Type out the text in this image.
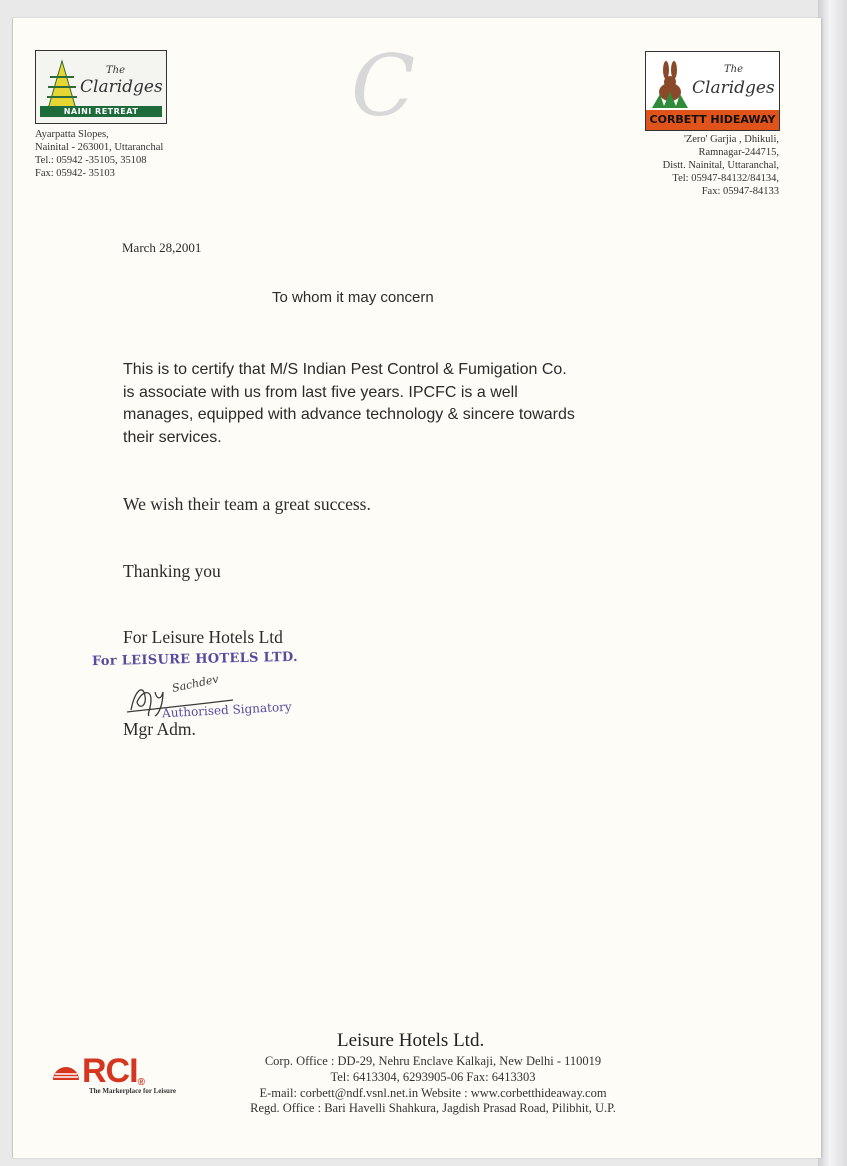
The
Claridges
NAINI RETREAT
Ayarpatta Slopes,
Nainital - 263001, Uttaranchal
Tel.: 05942 -35105, 35108
Fax: 05942- 35103
C	The
Claridges
CORBETT HIDEAWAY
'Zero' Garjia , Dhikuli,
Ramnagar-244715,
Distt. Nainital, Uttaranchal,
Tel: 05947-84132/84134,
Fax: 05947-84133
March 28,2001
To whom it may concern
This is to certify that M/S Indian Pest Control & Fumigation Co.
is associate with us from last five years. IPCFC is a well
manages, equipped with advance technology & sincere towards
their services.
We wish their team a great success.
Thanking you
For Leisure Hotels Ltd
For LEISURE HOTELS LTD.
Sachdev
Authorised Signatory
Mgr Adm.
RCI®
The Markerplace for Leisure
Leisure Hotels Ltd.
Corp. Office : DD-29, Nehru Enclave Kalkaji, New Delhi - 110019
Tel: 6413304, 6293905-06 Fax: 6413303
E-mail: corbett@ndf.vsnl.net.in Website : www.corbetthideaway.com
Regd. Office : Bari Havelli Shahkura, Jagdish Prasad Road, Pilibhit, U.P.
